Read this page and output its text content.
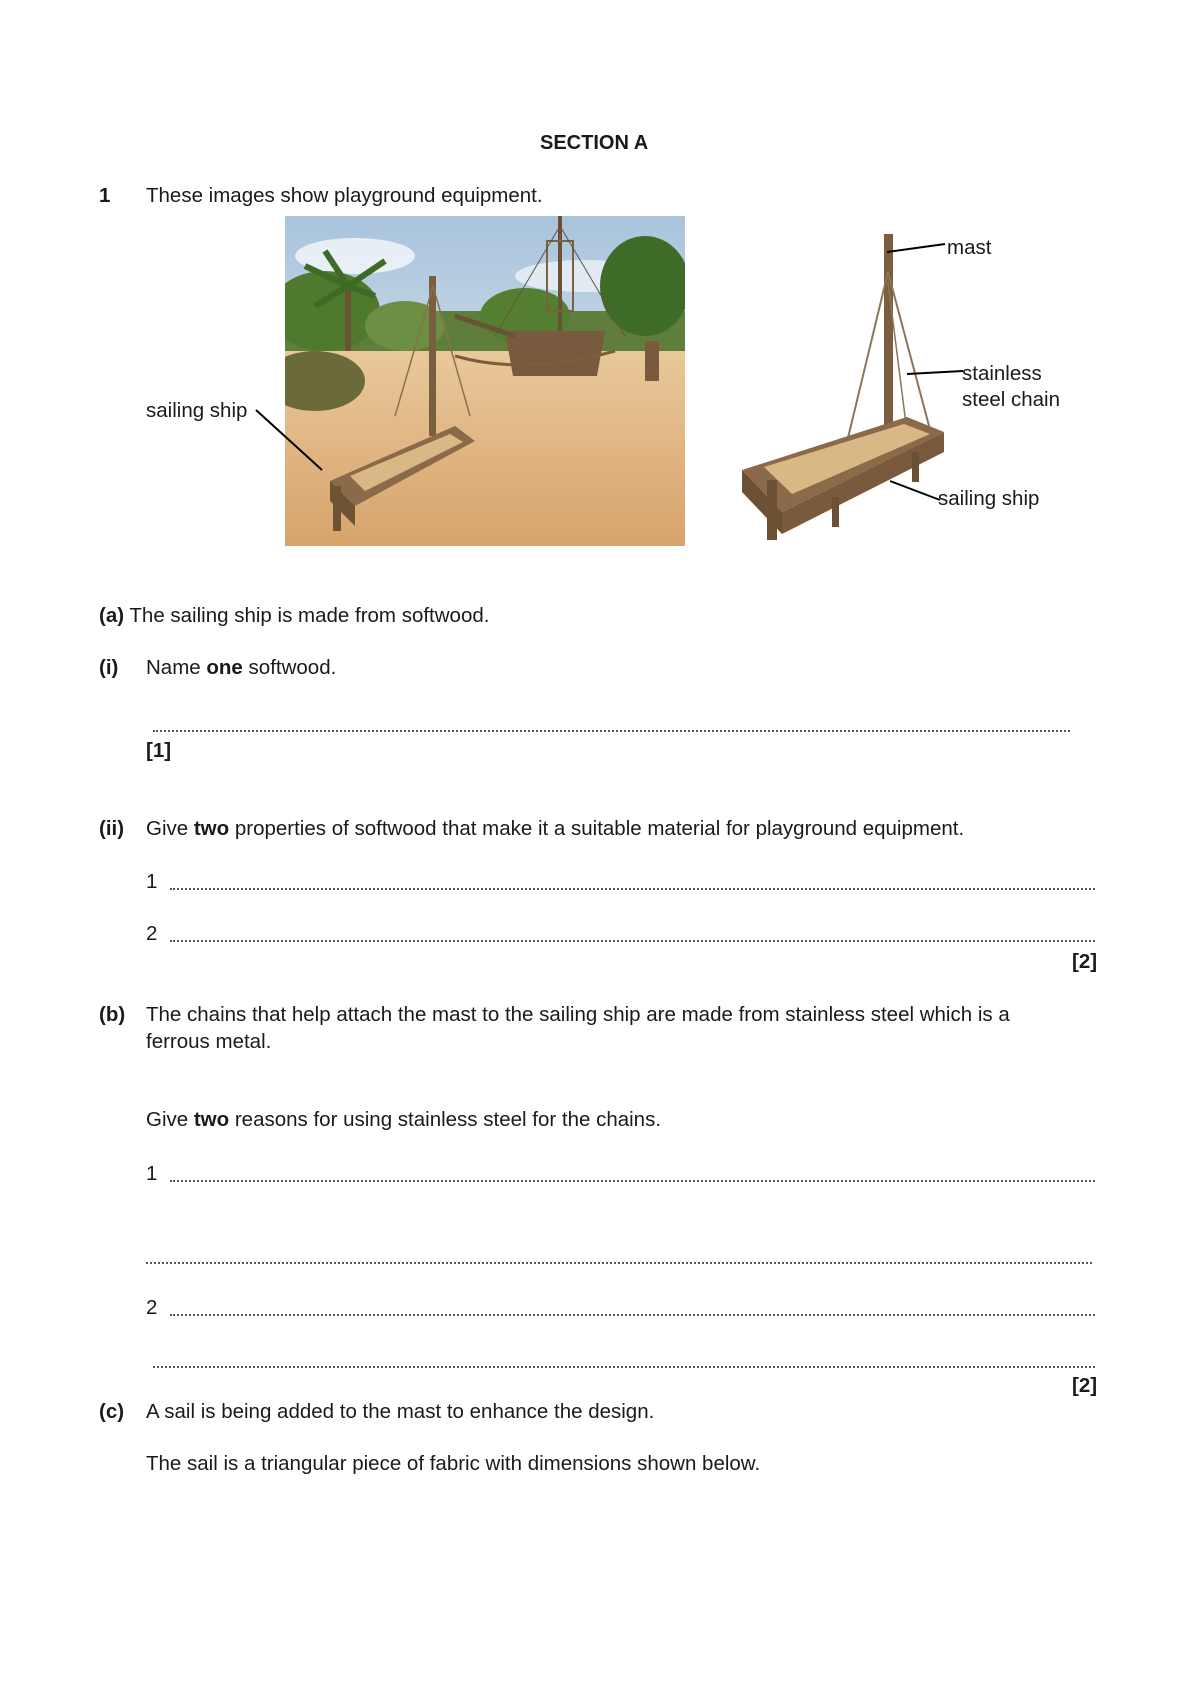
SECTION A
1 These images show playground equipment.
sailing ship
mast
stainless
steel chain
sailing ship
(a) The sailing ship is made from softwood.
(i) Name one softwood.
[1]
(ii) Give two properties of softwood that make it a suitable material for playground equipment.
1
2
[2]
(b) The chains that help attach the mast to the sailing ship are made from stainless steel which is a
ferrous metal.
Give two reasons for using stainless steel for the chains.
1
2
[2]
(c) A sail is being added to the mast to enhance the design.
The sail is a triangular piece of fabric with dimensions shown below.
